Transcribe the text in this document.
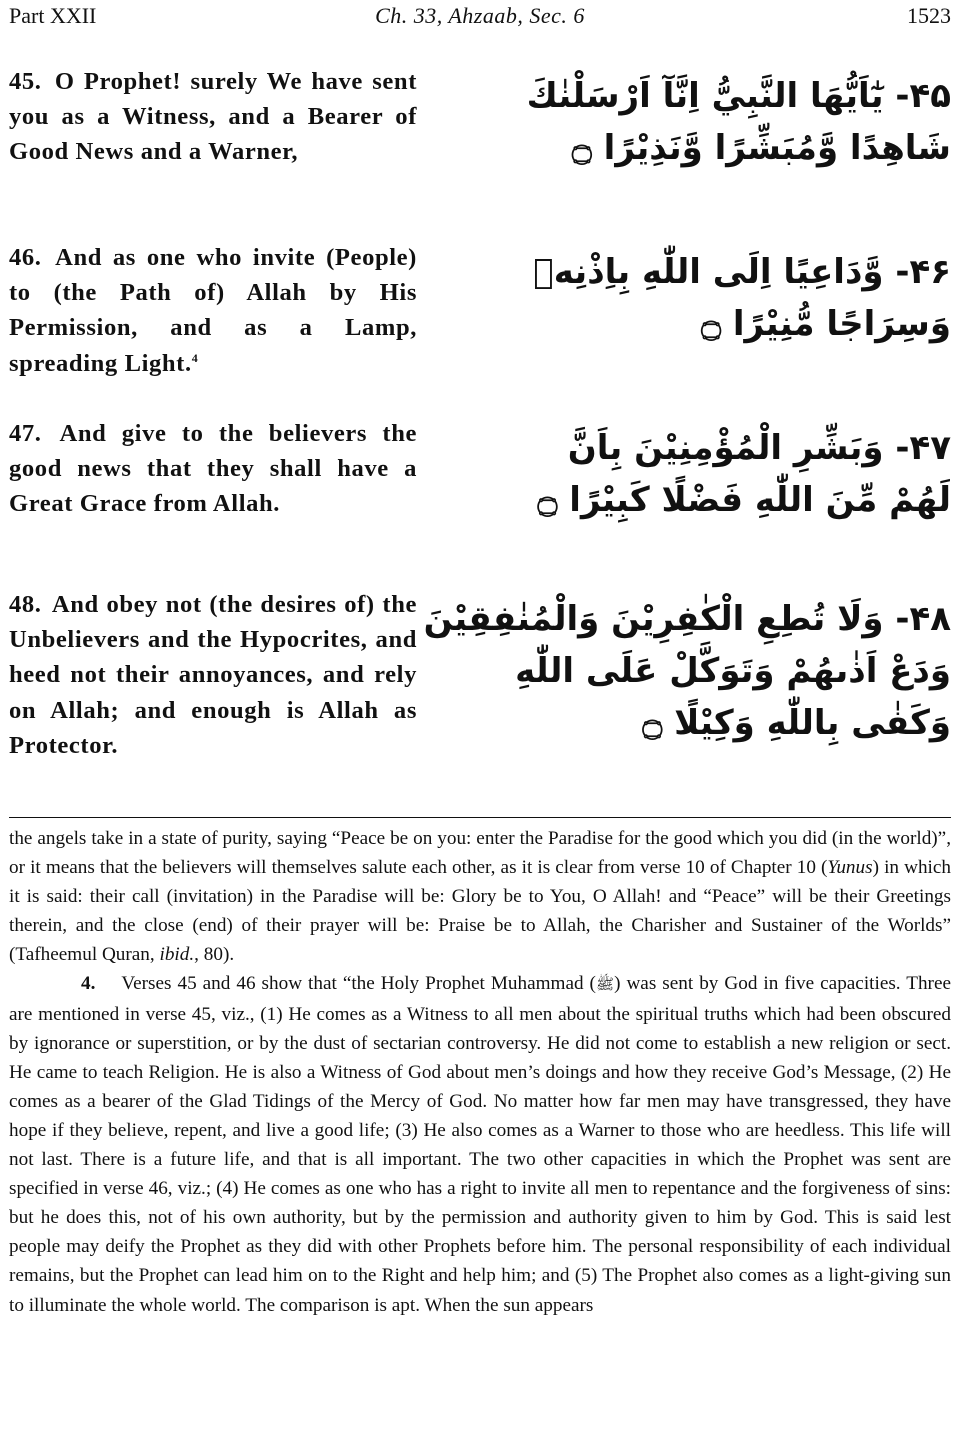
Part XXII	Ch. 33, Ahzaab, Sec. 6	1523
45. O Prophet! surely We have sent you as a Witness, and a Bearer of Good News and a Warner,
۴۵- يٰٓاَيُّهَا النَّبِيُّ اِنَّآ اَرْسَلْنٰكَ
شَاهِدًا وَّمُبَشِّرًا وَّنَذِيْرًا ۝
46. And as one who invite (People) to (the Path of) Allah by His Permission, and as a Lamp, spreading Light.$^4$
۴۶- وَّدَاعِيًا اِلَى اللّٰهِ بِاِذْنِهٖ
وَسِرَاجًا مُّنِيْرًا ۝
47. And give to the believers the good news that they shall have a Great Grace from Allah.
۴۷- وَبَشِّرِ الْمُؤْمِنِيْنَ بِاَنَّ
لَهُمْ مِّنَ اللّٰهِ فَضْلًا كَبِيْرًا ۝
48. And obey not (the desires of) the Unbelievers and the Hypocrites, and heed not their annoyances, and rely on Allah; and enough is Allah as Protector.
۴۸- وَلَا تُطِعِ الْكٰفِرِيْنَ وَالْمُنٰفِقِيْنَ
وَدَعْ اَذٰىهُمْ وَتَوَكَّلْ عَلَى اللّٰهِ
وَكَفٰى بِاللّٰهِ وَكِيْلًا ۝

the angels take in a state of purity, saying “Peace be on you: enter the Paradise for the good which you did (in the world)”, or it means that the believers will themselves salute each other, as it is clear from verse 10 of Chapter 10 (Yunus) in which it is said: their call (invitation) in the Paradise will be: Glory be to You, O Allah! and “Peace” will be their Greetings therein, and the close (end) of their prayer will be: Praise be to Allah, the Charisher and Sustainer of the Worlds” (Tafheemul Quran, ibid., 80).

4. Verses 45 and 46 show that “the Holy Prophet Muhammad (ﷺ) was sent by God in five capacities. Three are mentioned in verse 45, viz., (1) He comes as a Witness to all men about the spiritual truths which had been obscured by ignorance or superstition, or by the dust of sectarian controversy. He did not come to establish a new religion or sect. He came to teach Religion. He is also a Witness of God about men’s doings and how they receive God’s Message, (2) He comes as a bearer of the Glad Tidings of the Mercy of God. No matter how far men may have transgressed, they have hope if they believe, repent, and live a good life; (3) He also comes as a Warner to those who are heedless. This life will not last. There is a future life, and that is all important. The two other capacities in which the Prophet was sent are specified in verse 46, viz.; (4) He comes as one who has a right to invite all men to repentance and the forgiveness of sins: but he does this, not of his own authority, but by the permission and authority given to him by God. This is said lest people may deify the Prophet as they did with other Prophets before him. The personal responsibility of each individual remains, but the Prophet can lead him on to the Right and help him; and (5) The Prophet also comes as a light-giving sun to illuminate the whole world. The comparison is apt. When the sun appears
